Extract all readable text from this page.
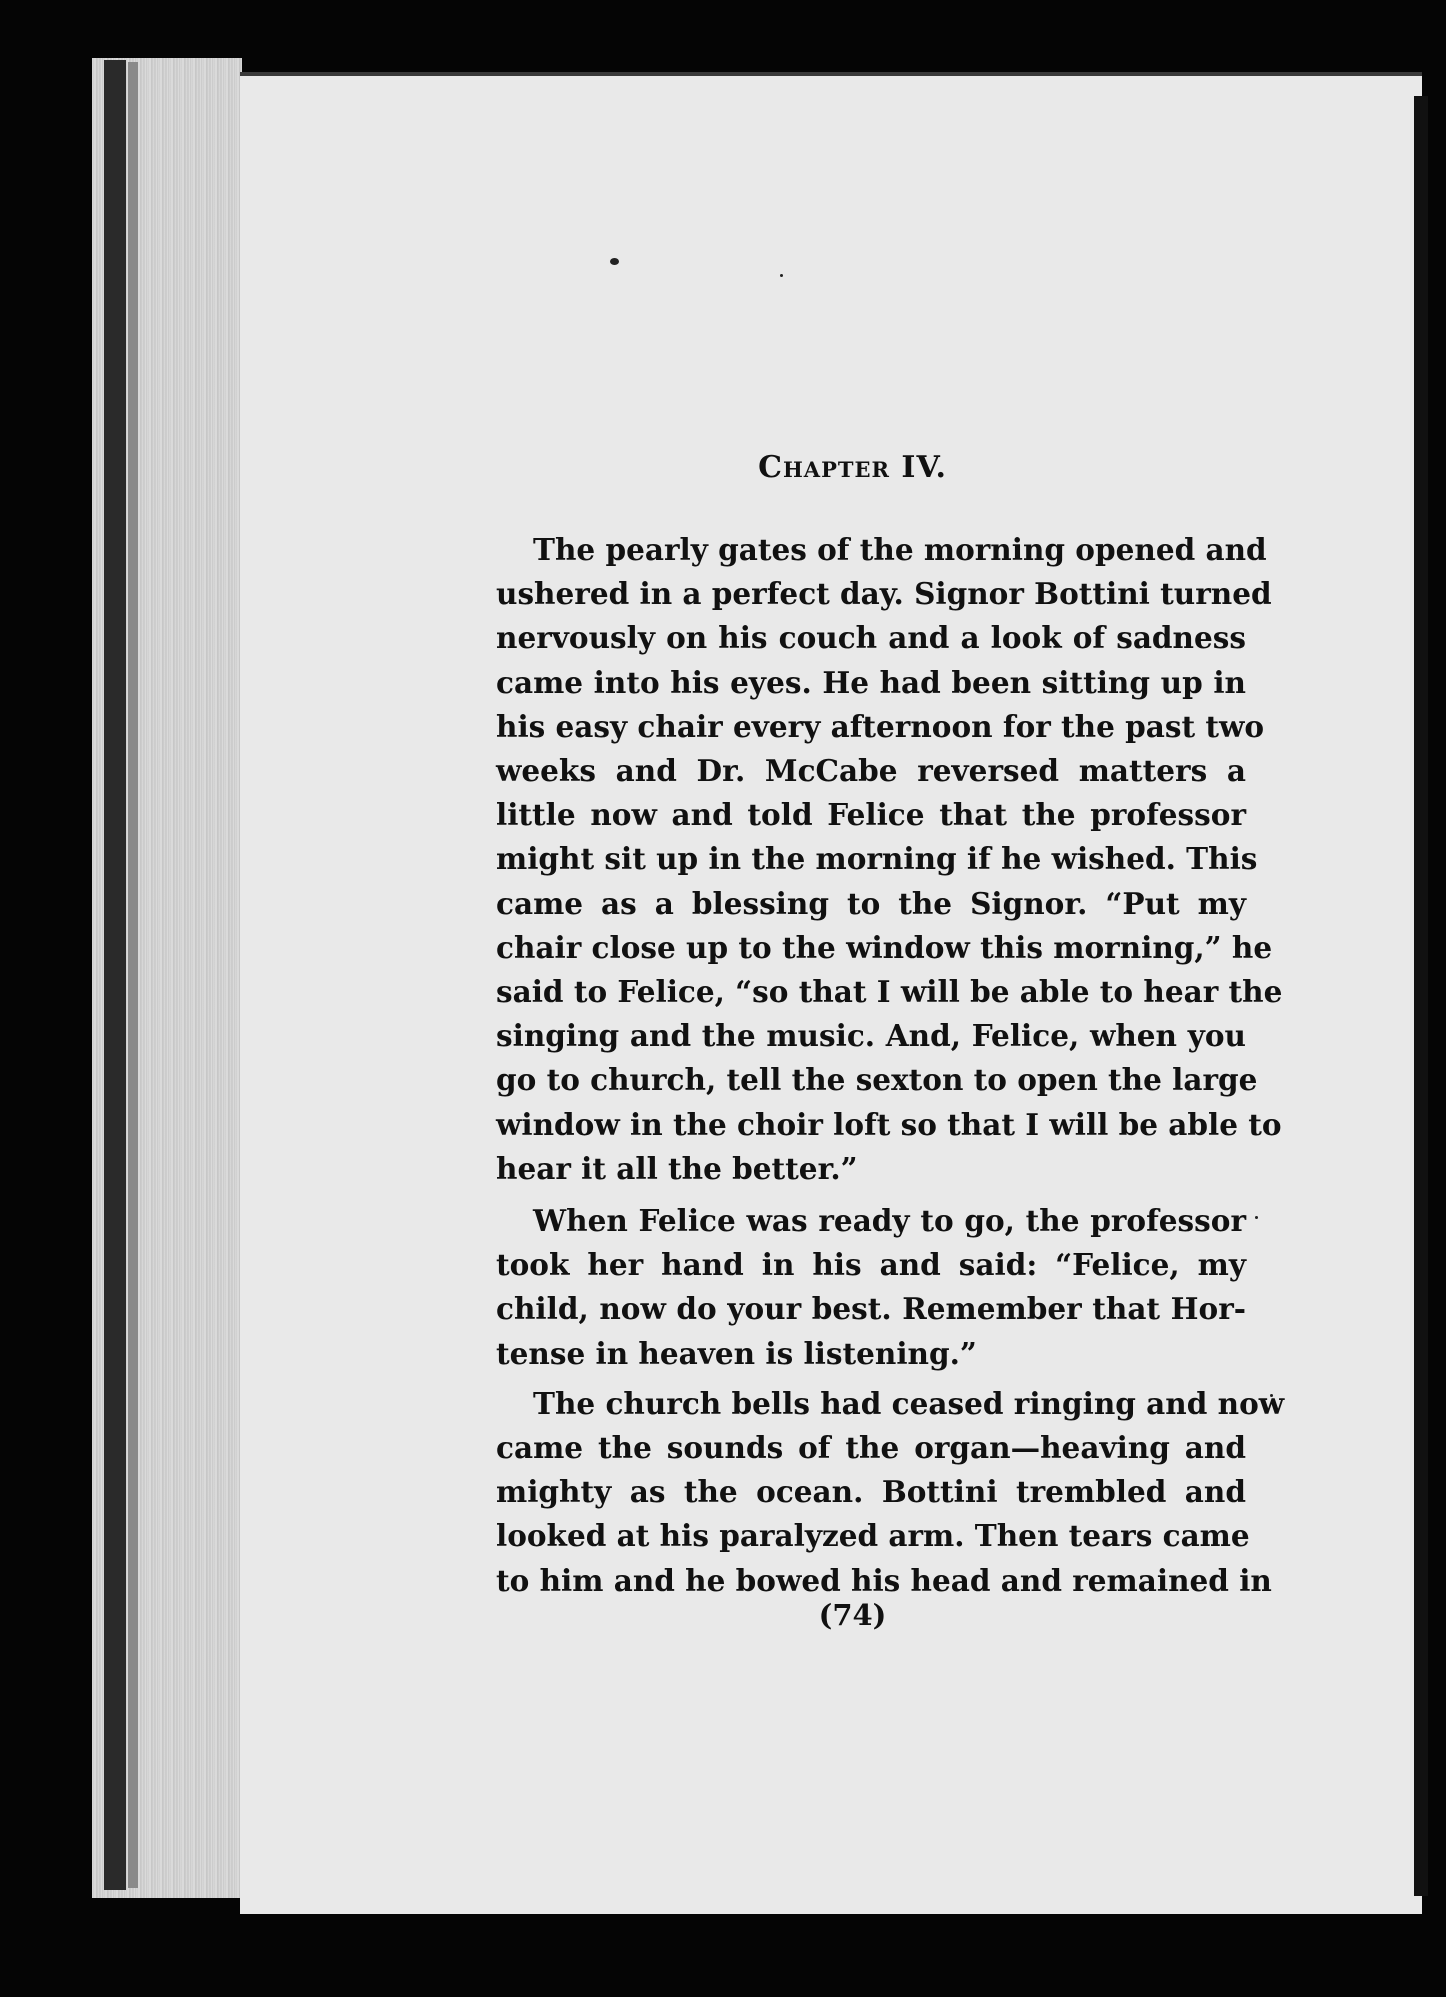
Chapter IV.
The pearly gates of the morning opened and
ushered in a perfect day. Signor Bottini turned
nervously on his couch and a look of sadness
came into his eyes. He had been sitting up in
his easy chair every afternoon for the past two
weeks and Dr. McCabe reversed matters a
little now and told Felice that the professor
might sit up in the morning if he wished. This
came as a blessing to the Signor. “Put my
chair close up to the window this morning,” he
said to Felice, “so that I will be able to hear the
singing and the music. And, Felice, when you
go to church, tell the sexton to open the large
window in the choir loft so that I will be able to
hear it all the better.”
When Felice was ready to go, the professor
took her hand in his and said: “Felice, my
child, now do your best. Remember that Hor-
tense in heaven is listening.”
The church bells had ceased ringing and now
came the sounds of the organ—heaving and
mighty as the ocean. Bottini trembled and
looked at his paralyzed arm. Then tears came
to him and he bowed his head and remained in
(74)
